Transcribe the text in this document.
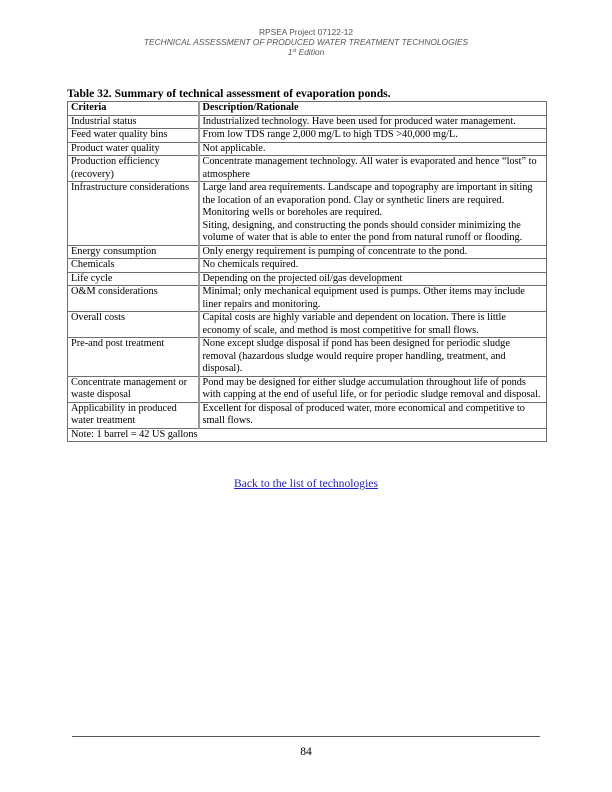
RPSEA Project 07122-12
TECHNICAL ASSESSMENT OF PRODUCED WATER TREATMENT TECHNOLOGIES
1st Edition
Table 32. Summary of technical assessment of evaporation ponds.
Criteria	Description/Rationale
Industrial status	Industrialized technology. Have been used for produced water management.

Feed water quality bins	From low TDS range 2,000 mg/L to high TDS >40,000 mg/L.

Product water quality	Not applicable.

Production efficiency (recovery)	Concentrate management technology. All water is evaporated and hence “lost” to atmosphere

Infrastructure considerations	Large land area requirements. Landscape and topography are important in siting the location of an evaporation pond. Clay or synthetic liners are required. Monitoring wells or boreholes are required.
Siting, designing, and constructing the ponds should consider minimizing the volume of water that is able to enter the pond from natural runoff or flooding.

Energy consumption	Only energy requirement is pumping of concentrate to the pond.

Chemicals	No chemicals required.

Life cycle	Depending on the projected oil/gas development

O&M considerations	Minimal; only mechanical equipment used is pumps. Other items may include liner repairs and monitoring.

Overall costs	Capital costs are highly variable and dependent on location. There is little economy of scale, and method is most competitive for small flows.

Pre-and post treatment	None except sludge disposal if pond has been designed for periodic sludge removal (hazardous sludge would require proper handling, treatment, and disposal).

Concentrate management or waste disposal	Pond may be designed for either sludge accumulation throughout life of ponds with capping at the end of useful life, or for periodic sludge removal and disposal.

Applicability in produced water treatment	Excellent for disposal of produced water, more economical and competitive to small flows.

Note: 1 barrel = 42 US gallons	
Back to the list of technologies
84
